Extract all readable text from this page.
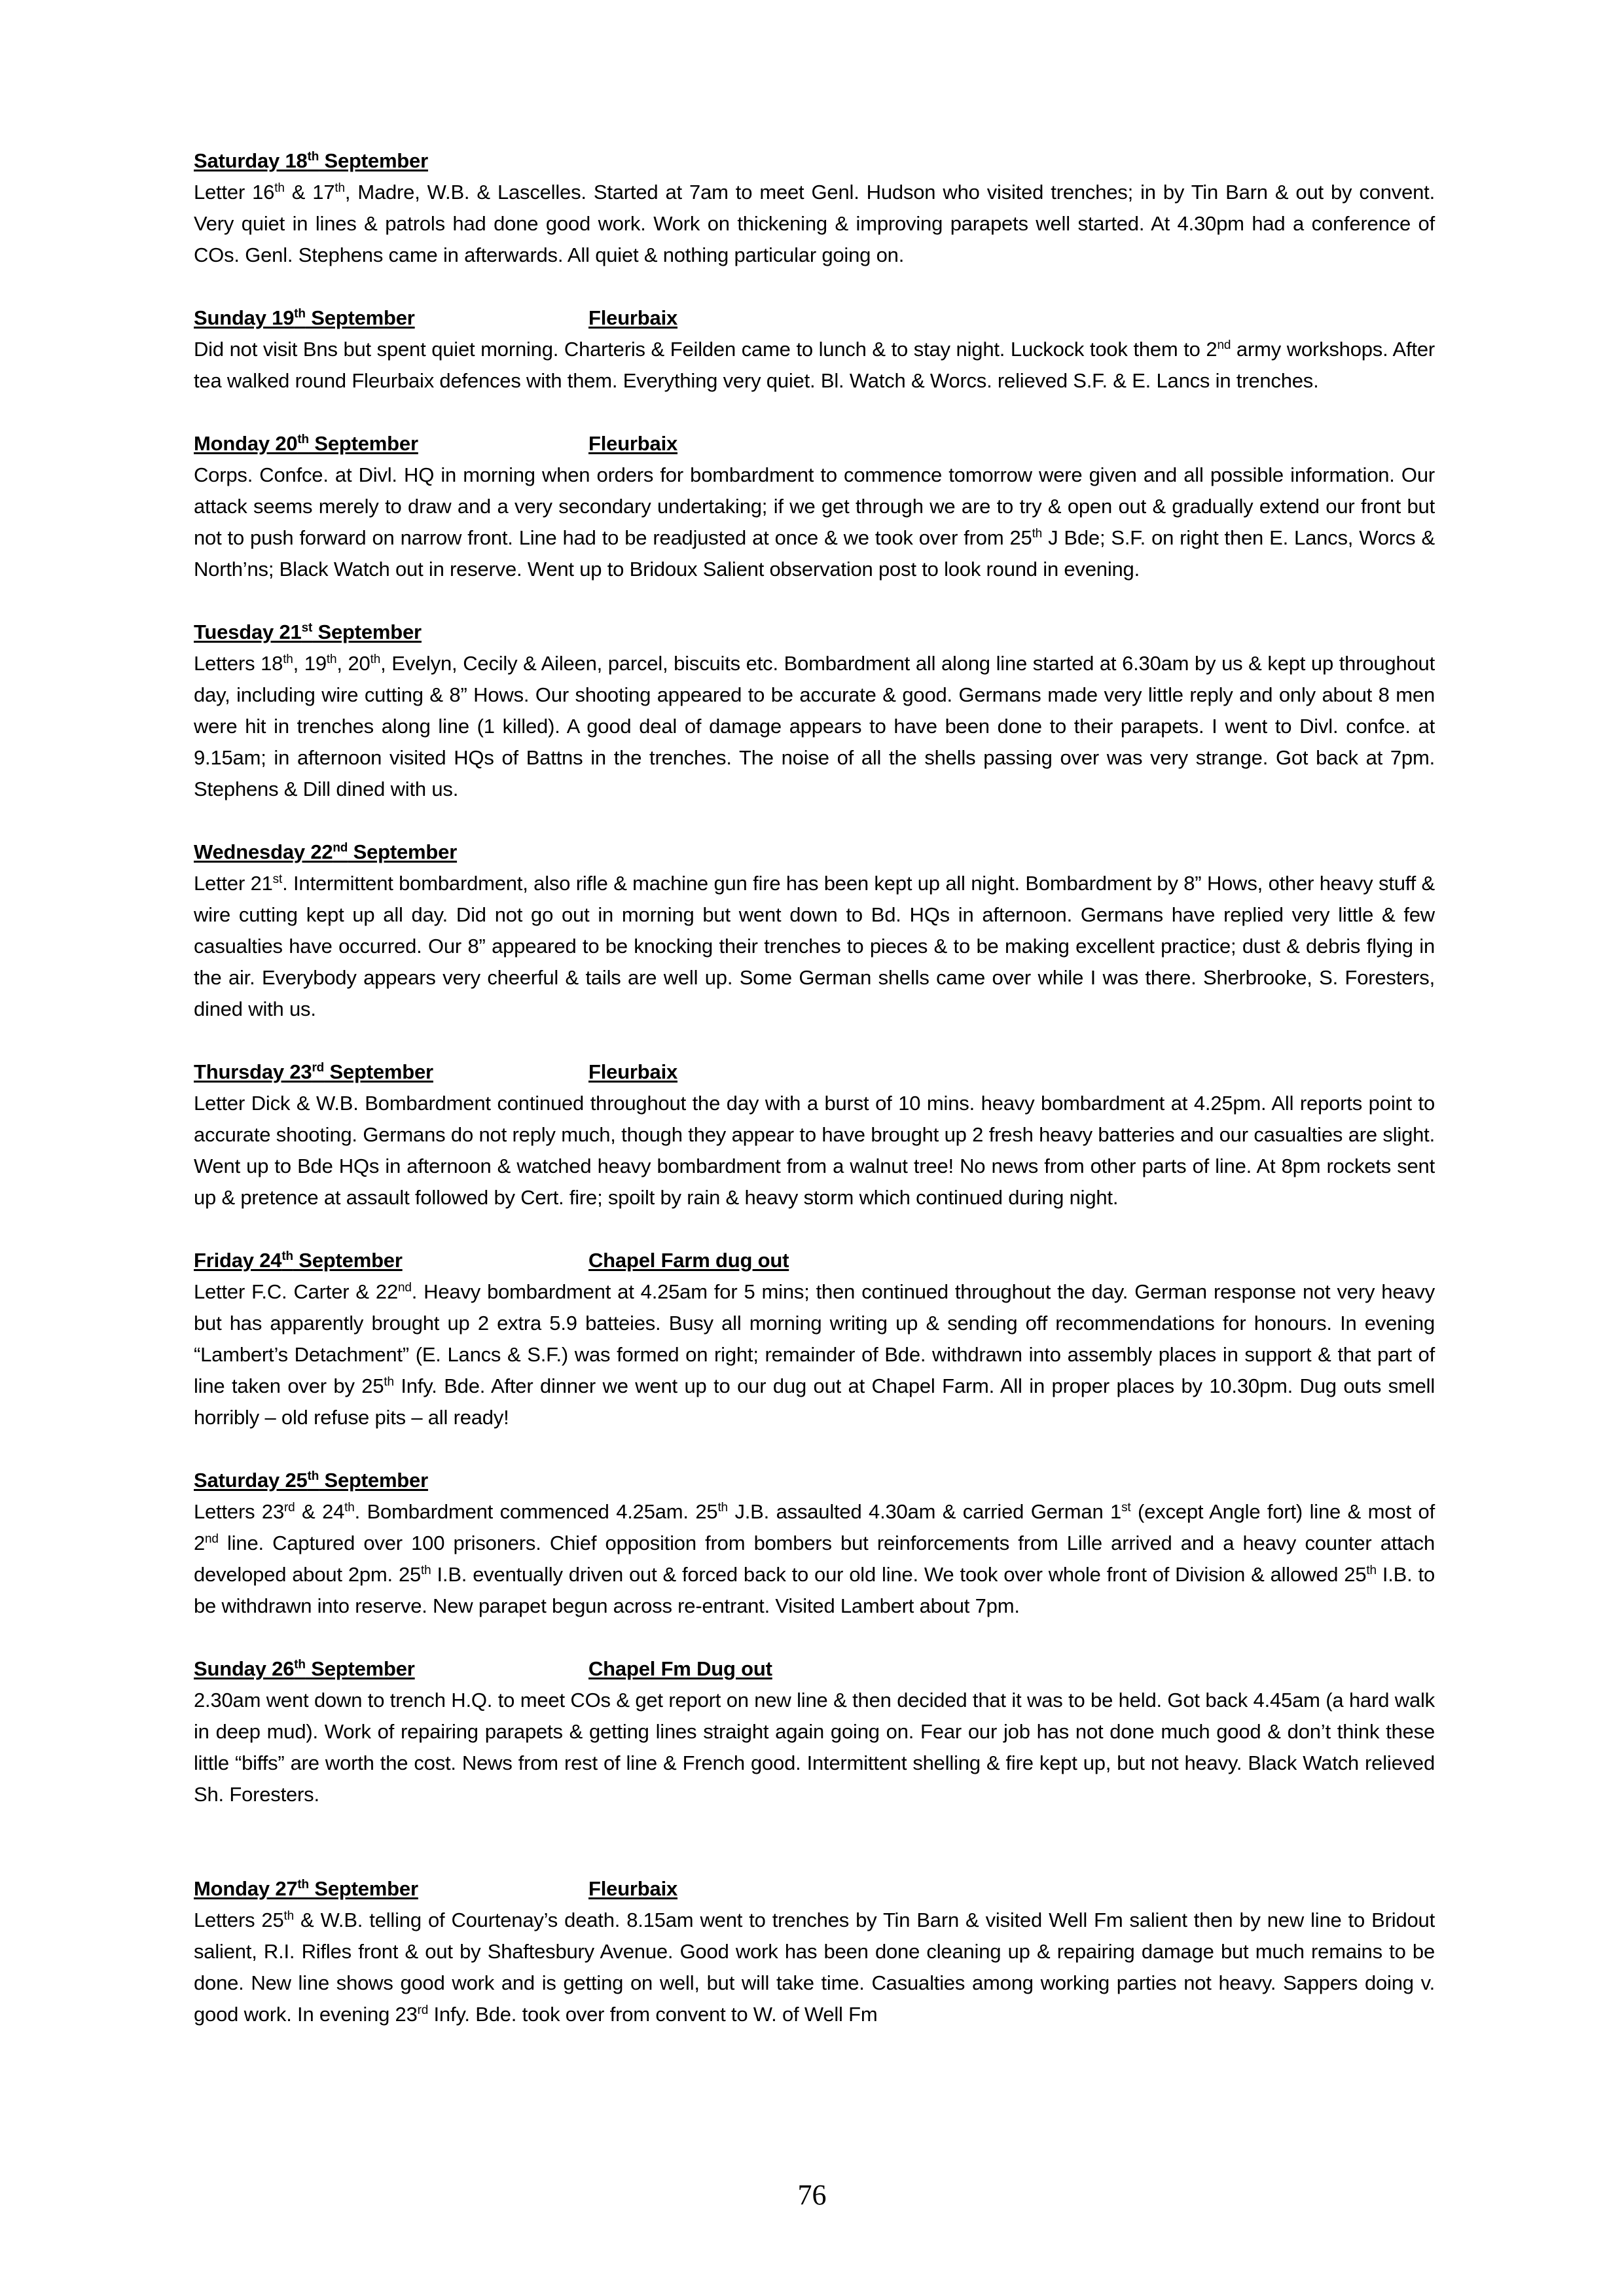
Saturday 18th September
Letter 16th & 17th, Madre, W.B. & Lascelles. Started at 7am to meet Genl. Hudson who visited trenches; in by Tin Barn & out by convent. Very quiet in lines & patrols had done good work. Work on thickening & improving parapets well started. At 4.30pm had a conference of COs. Genl. Stephens came in afterwards. All quiet & nothing particular going on.
Sunday 19th September	Fleurbaix
Did not visit Bns but spent quiet morning. Charteris & Feilden came to lunch & to stay night. Luckock took them to 2nd army workshops. After tea walked round Fleurbaix defences with them. Everything very quiet. Bl. Watch & Worcs. relieved S.F. & E. Lancs in trenches.
Monday 20th September	Fleurbaix
Corps. Confce. at Divl. HQ in morning when orders for bombardment to commence tomorrow were given and all possible information. Our attack seems merely to draw and a very secondary undertaking; if we get through we are to try & open out & gradually extend our front but not to push forward on narrow front. Line had to be readjusted at once & we took over from 25th J Bde; S.F. on right then E. Lancs, Worcs & North’ns; Black Watch out in reserve. Went up to Bridoux Salient observation post to look round in evening.
Tuesday 21st September
Letters 18th, 19th, 20th, Evelyn, Cecily & Aileen, parcel, biscuits etc. Bombardment all along line started at 6.30am by us & kept up throughout day, including wire cutting & 8” Hows. Our shooting appeared to be accurate & good. Germans made very little reply and only about 8 men were hit in trenches along line (1 killed). A good deal of damage appears to have been done to their parapets. I went to Divl. confce. at 9.15am; in afternoon visited HQs of Battns in the trenches. The noise of all the shells passing over was very strange. Got back at 7pm. Stephens & Dill dined with us.
Wednesday 22nd September
Letter 21st. Intermittent bombardment, also rifle & machine gun fire has been kept up all night. Bombardment by 8” Hows, other heavy stuff & wire cutting kept up all day. Did not go out in morning but went down to Bd. HQs in afternoon. Germans have replied very little & few casualties have occurred. Our 8” appeared to be knocking their trenches to pieces & to be making excellent practice; dust & debris flying in the air. Everybody appears very cheerful & tails are well up. Some German shells came over while I was there. Sherbrooke, S. Foresters, dined with us.
Thursday 23rd September	Fleurbaix
Letter Dick & W.B. Bombardment continued throughout the day with a burst of 10 mins. heavy bombardment at 4.25pm. All reports point to accurate shooting. Germans do not reply much, though they appear to have brought up 2 fresh heavy batteries and our casualties are slight. Went up to Bde HQs in afternoon & watched heavy bombardment from a walnut tree! No news from other parts of line. At 8pm rockets sent up & pretence at assault followed by Cert. fire; spoilt by rain & heavy storm which continued during night.
Friday 24th September	Chapel Farm dug out
Letter F.C. Carter & 22nd. Heavy bombardment at 4.25am for 5 mins; then continued throughout the day. German response not very heavy but has apparently brought up 2 extra 5.9 batteies. Busy all morning writing up & sending off recommendations for honours. In evening “Lambert’s Detachment” (E. Lancs & S.F.) was formed on right; remainder of Bde. withdrawn into assembly places in support & that part of line taken over by 25th Infy. Bde. After dinner we went up to our dug out at Chapel Farm. All in proper places by 10.30pm. Dug outs smell horribly – old refuse pits – all ready!
Saturday 25th September
Letters 23rd & 24th. Bombardment commenced 4.25am. 25th J.B. assaulted 4.30am & carried German 1st (except Angle fort) line & most of 2nd line. Captured over 100 prisoners. Chief opposition from bombers but reinforcements from Lille arrived and a heavy counter attach developed about 2pm. 25th I.B. eventually driven out & forced back to our old line. We took over whole front of Division & allowed 25th I.B. to be withdrawn into reserve. New parapet begun across re-entrant. Visited Lambert about 7pm.
Sunday 26th September	Chapel Fm Dug out
2.30am went down to trench H.Q. to meet COs & get report on new line & then decided that it was to be held. Got back 4.45am (a hard walk in deep mud). Work of repairing parapets & getting lines straight again going on. Fear our job has not done much good & don’t think these little “biffs” are worth the cost. News from rest of line & French good. Intermittent shelling & fire kept up, but not heavy. Black Watch relieved Sh. Foresters.
Monday 27th September	Fleurbaix
Letters 25th & W.B. telling of Courtenay’s death. 8.15am went to trenches by Tin Barn & visited Well Fm salient then by new line to Bridout salient, R.I. Rifles front & out by Shaftesbury Avenue. Good work has been done cleaning up & repairing damage but much remains to be done. New line shows good work and is getting on well, but will take time. Casualties among working parties not heavy. Sappers doing v. good work. In evening 23rd Infy. Bde. took over from convent to W. of Well Fm
76
